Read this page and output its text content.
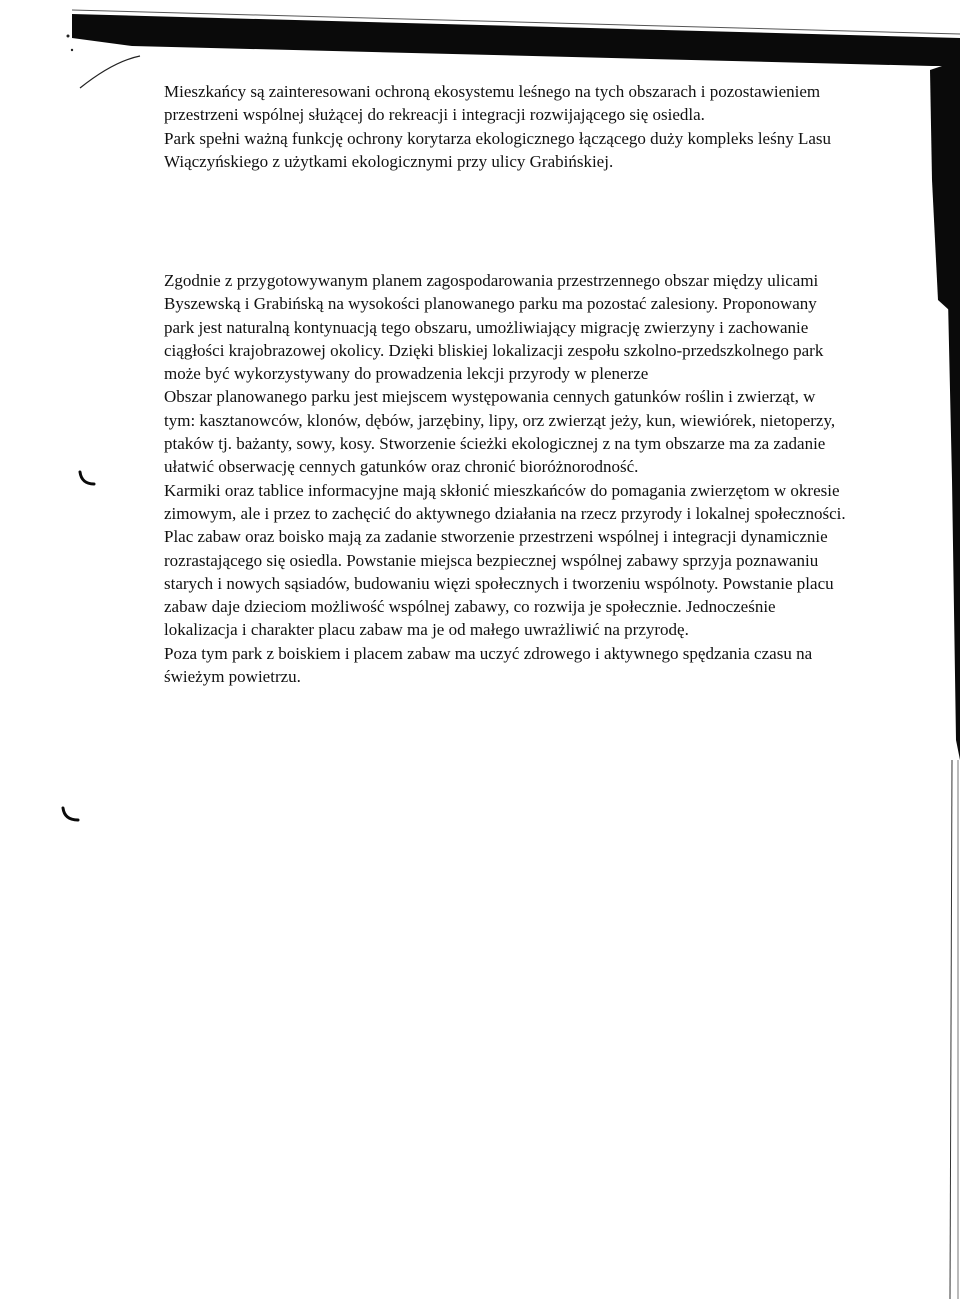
Mieszkańcy są zainteresowani ochroną ekosystemu leśnego na tych obszarach i pozostawieniem przestrzeni wspólnej służącej do rekreacji i integracji rozwijającego się osiedla.

Park spełni ważną funkcję ochrony korytarza ekologicznego łączącego duży kompleks leśny Lasu Wiączyńskiego z użytkami ekologicznymi przy ulicy Grabińskiej.

Zgodnie z przygotowywanym planem zagospodarowania przestrzennego obszar między ulicami Byszewską i Grabińską na wysokości planowanego parku ma pozostać zalesiony. Proponowany park jest naturalną kontynuacją tego obszaru, umożliwiający migrację zwierzyny i zachowanie ciągłości krajobrazowej okolicy. Dzięki bliskiej lokalizacji zespołu szkolno-przedszkolnego park może być wykorzystywany do prowadzenia lekcji przyrody w plenerze

Obszar planowanego parku jest miejscem występowania cennych gatunków roślin i zwierząt, w tym: kasztanowców, klonów, dębów, jarzębiny, lipy, orz zwierząt jeży, kun, wiewiórek, nietoperzy, ptaków tj. bażanty, sowy, kosy. Stworzenie ścieżki ekologicznej z na tym obszarze ma za zadanie ułatwić obserwację cennych gatunków oraz chronić bioróżnorodność.

Karmiki oraz tablice informacyjne mają skłonić mieszkańców do pomagania zwierzętom w okresie zimowym, ale i przez to zachęcić do aktywnego działania na rzecz przyrody i lokalnej społeczności.

Plac zabaw oraz boisko mają za zadanie stworzenie przestrzeni wspólnej i integracji dynamicznie rozrastającego się osiedla. Powstanie miejsca bezpiecznej wspólnej zabawy sprzyja poznawaniu starych i nowych sąsiadów, budowaniu więzi społecznych i tworzeniu wspólnoty. Powstanie placu zabaw daje dzieciom możliwość wspólnej zabawy, co rozwija je społecznie. Jednocześnie lokalizacja i charakter placu zabaw ma je od małego uwrażliwić na przyrodę.

Poza tym park z boiskiem i placem zabaw ma uczyć zdrowego i aktywnego spędzania czasu na świeżym powietrzu.
